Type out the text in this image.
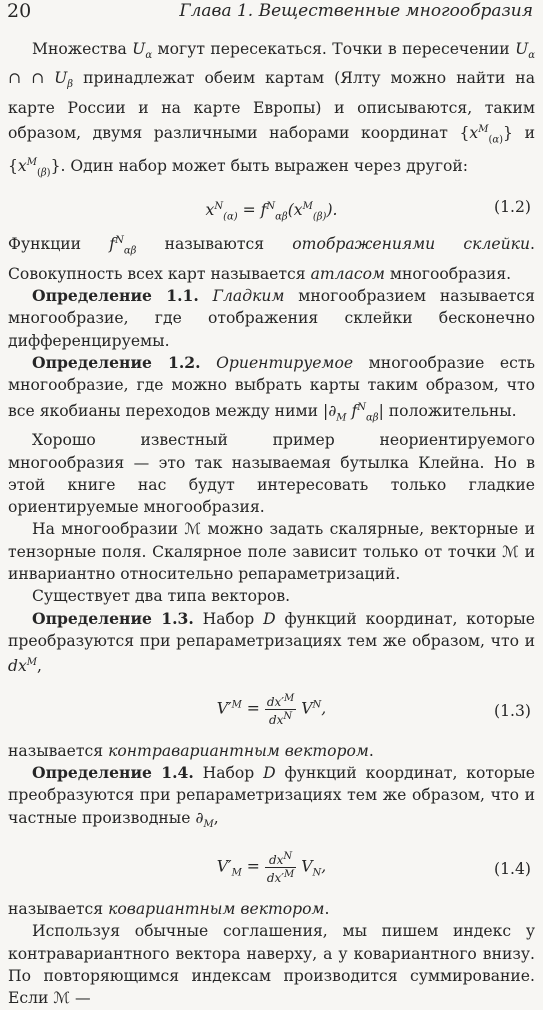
20	Глава 1. Вещественные многообразия

Множества $U_\alpha$ могут пересекаться. Точки в пересечении $U_\alpha$ ∩ ∩ $U_\beta$ принадлежат обеим картам (Ялту можно найти на карте России и на карте Европы) и описываются, таким образом, двумя различными наборами координат $\{x^M_{(\alpha)}\}$ и $\{x^M_{(\beta)}\}$. Один набор может быть выражен через другой:

$x^N_{(\alpha)} = f^N_{\alpha\beta}(x^M_{(\beta)})$.	(1.2)

Функции $f^N_{\alpha\beta}$ называются отображениями склейки. Совокупность всех карт называется атласом многообразия.

Определение 1.1. Гладким многообразием называется многообразие, где отображения склейки бесконечно дифференцируемы.

Определение 1.2. Ориентируемое многообразие есть многообразие, где можно выбрать карты таким образом, что все якобианы переходов между ними $|\partial_M$ $f^N_{\alpha\beta}|$ положительны.

Хорошо известный пример неориентируемого многообразия — это так называемая бутылка Клейна. Но в этой книге нас будут интересовать только гладкие ориентируемые многообразия.

На многообразии ℳ можно задать скалярные, векторные и тензорные поля. Скалярное поле зависит только от точки ℳ и инвариантно относительно репараметризаций.

Существует два типа векторов.

Определение 1.3. Набор D функций координат, которые преобразуются при репараметризациях тем же образом, что и $dx^M$,

$V'^M = \frac{dx'^M}{dx^N} V^N$,	(1.3)

называется контравариантным вектором.

Определение 1.4. Набор D функций координат, которые преобразуются при репараметризациях тем же образом, что и частные производные $\partial_M$,

$V'_M = \frac{dx^N}{dx'^M} V_N$,	(1.4)

называется ковариантным вектором.

Используя обычные соглашения, мы пишем индекс у контравариантного вектора наверху, а у ковариантного внизу. По повторяющимся индексам производится суммирование. Если ℳ —
